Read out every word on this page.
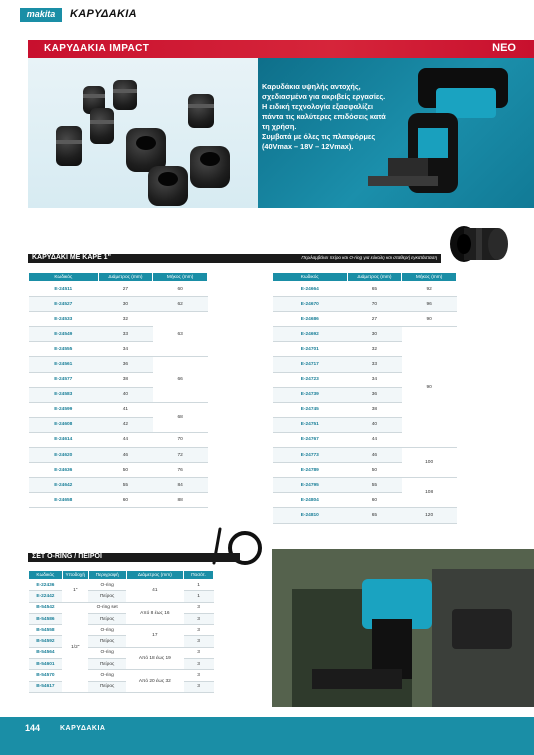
makita	ΚΑΡΥΔΑΚΙΑ
ΚΑΡΥΔΑΚΙΑ IMPACT	ΝΕΟ
Καρυδάκια υψηλής αντοχής,
σχεδιασμένα για ακριβείς εργασίες.
Η ειδική τεχνολογία εξασφαλίζει
πάντα τις καλύτερες επιδόσεις κατά
τη χρήση.
Συμβατά με όλες τις πλατφόρμες
(40Vmax – 18V – 12Vmax).
ΚΑΡΥΔΑΚΙ ΜΕ ΚΑΡΕ 1"	Περιλαμβάνει πείρο και O-ring για εύκολη και σταθερή εγκατάσταση
Κωδικός	Διάμετρος (mm)	Μήκος (mm)
E-24511	27	60
E-24527	30	62
E-24533	32	63
E-24549	33	
E-24555	34	
E-24561	36	66
E-24577	38	
E-24583	40	
E-24599	41	68
E-24608	42	
E-24614	44	70
E-24620	46	72
E-24636	50	76
E-24642	55	84
E-24658	60	88
Κωδικός	Διάμετρος (mm)	Μήκος (mm)
E-24664	65	92
E-24670	70	96
E-24686	27	90
E-24692	30	90
E-24701	32	
E-24717	33	
E-24723	34	
E-24739	36	
E-24745	38	
E-24751	40	
E-24767	44	
E-24773	46	100
E-24789	50	
E-24795	55	108
E-24804	60	
E-24810	65	120
ΣΕΤ O-RING / ΠΕΙΡΟΙ
Κωδικός	Υποδοχή	Περιγραφή	Διάμετρος (mm)	Ποσότ.
E-22436	1"	O-ring	41	1
E-22442		Πείρος		1
B-54542	1/2"	O-ring set	Από 8 έως 16	3
B-54586		Πείρος		3
B-54558		O-ring	17	3
B-54592		Πείρος		3
B-54564		O-ring	Από 18 έως 19	3
B-54601		Πείρος		3
B-54570		O-ring	Από 20 έως 32	3
B-54617		Πείρος		3
144	ΚΑΡΥΔΑΚΙΑ
